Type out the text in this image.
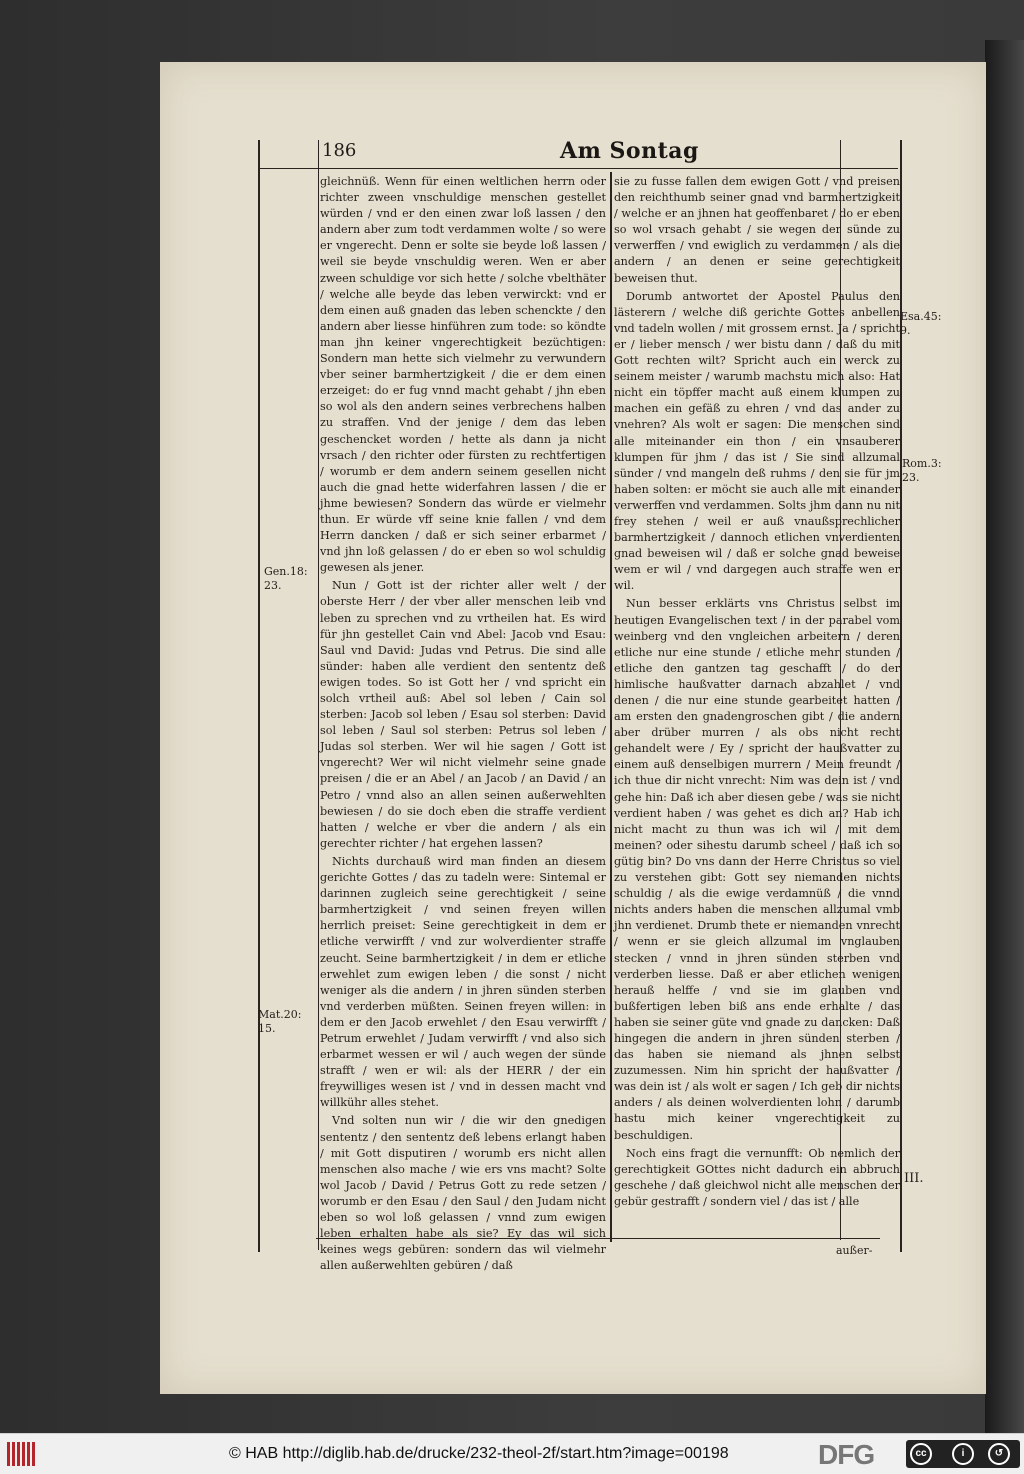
186	Am Sontag

gleichnüß. Wenn für einen weltlichen herrn oder richter zween vnschuldige menschen gestellet würden / vnd er den einen zwar loß lassen / den andern aber zum todt verdammen wolte / so were er vngerecht. Denn er solte sie beyde loß lassen / weil sie beyde vnschuldig weren. Wen er aber zween schuldige vor sich hette / solche vbelthäter / welche alle beyde das leben verwirckt: vnd er dem einen auß gnaden das leben schenckte / den andern aber liesse hinführen zum tode: so köndte man jhn keiner vngerechtigkeit bezüchtigen: Sondern man hette sich vielmehr zu verwundern vber seiner barmhertzigkeit / die er dem einen erzeiget: do er fug vnnd macht gehabt / jhn eben so wol als den andern seines verbrechens halben zu straffen. Vnd der jenige / dem das leben geschencket worden / hette als dann ja nicht vrsach / den richter oder fürsten zu rechtfertigen / worumb er dem andern seinem gesellen nicht auch die gnad hette widerfahren lassen / die er jhme bewiesen? Sondern das würde er vielmehr thun. Er würde vff seine knie fallen / vnd dem Herrn dancken / daß er sich seiner erbarmet / vnd jhn loß gelassen / do er eben so wol schuldig gewesen als jener.

Nun / Gott ist der richter aller welt / der oberste Herr / der vber aller menschen leib vnd leben zu sprechen vnd zu vrtheilen hat. Es wird für jhn gestellet Cain vnd Abel: Jacob vnd Esau: Saul vnd David: Judas vnd Petrus. Die sind alle sünder: haben alle verdient den sententz deß ewigen todes. So ist Gott her / vnd spricht ein solch vrtheil auß: Abel sol leben / Cain sol sterben: Jacob sol leben / Esau sol sterben: David sol leben / Saul sol sterben: Petrus sol leben / Judas sol sterben. Wer wil hie sagen / Gott ist vngerecht? Wer wil nicht vielmehr seine gnade preisen / die er an Abel / an Jacob / an David / an Petro / vnnd also an allen seinen außerwehlten bewiesen / do sie doch eben die straffe verdient hatten / welche er vber die andern / als ein gerechter richter / hat ergehen lassen?

Nichts durchauß wird man finden an diesem gerichte Gottes / das zu tadeln were: Sintemal er darinnen zugleich seine gerechtigkeit / seine barmhertzigkeit / vnd seinen freyen willen herrlich preiset: Seine gerechtigkeit in dem er etliche verwirfft / vnd zur wolverdienter straffe zeucht. Seine barmhertzigkeit / in dem er etliche erwehlet zum ewigen leben / die sonst / nicht weniger als die andern / in jhren sünden sterben vnd verderben müßten. Seinen freyen willen: in dem er den Jacob erwehlet / den Esau verwirfft / Petrum erwehlet / Judam verwirfft / vnd also sich erbarmet wessen er wil / auch wegen der sünde strafft / wen er wil: als der HERR / der ein freywilliges wesen ist / vnd in dessen macht vnd willkühr alles stehet.

Vnd solten nun wir / die wir den gnedigen sententz / den sententz deß lebens erlangt haben / mit Gott disputiren / worumb ers nicht allen menschen also mache / wie ers vns macht? Solte wol Jacob / David / Petrus Gott zu rede setzen / worumb er den Esau / den Saul / den Judam nicht eben so wol loß gelassen / vnnd zum ewigen leben erhalten habe als sie? Ey das wil sich keines wegs gebüren: sondern das wil vielmehr allen außerwehlten gebüren / daß

sie zu fusse fallen dem ewigen Gott / vnd preisen den reichthumb seiner gnad vnd barmhertzigkeit / welche er an jhnen hat geoffenbaret / do er eben so wol vrsach gehabt / sie wegen der sünde zu verwerffen / vnd ewiglich zu verdammen / als die andern / an denen er seine gerechtigkeit beweisen thut.

Dorumb antwortet der Apostel Paulus den lästerern / welche diß gerichte Gottes anbellen vnd tadeln wollen / mit grossem ernst. Ja / spricht er / lieber mensch / wer bistu dann / daß du mit Gott rechten wilt? Spricht auch ein werck zu seinem meister / warumb machstu mich also: Hat nicht ein töpffer macht auß einem klumpen zu machen ein gefäß zu ehren / vnd das ander zu vnehren? Als wolt er sagen: Die menschen sind alle miteinander ein thon / ein vnsauberer klumpen für jhm / das ist / Sie sind allzumal sünder / vnd mangeln deß ruhms / den sie für jm haben solten: er möcht sie auch alle mit einander verwerffen vnd verdammen. Solts jhm dann nu nit frey stehen / weil er auß vnaußsprechlicher barmhertzigkeit / dannoch etlichen vnverdienten gnad beweisen wil / daß er solche gnad beweise wem er wil / vnd dargegen auch straffe wen er wil.

Nun besser erklärts vns Christus selbst im heutigen Evangelischen text / in der parabel vom weinberg vnd den vngleichen arbeitern / deren etliche nur eine stunde / etliche mehr stunden / etliche den gantzen tag geschafft / do der himlische haußvatter darnach abzahlet / vnd denen / die nur eine stunde gearbeitet hatten / am ersten den gnadengroschen gibt / die andern aber drüber murren / als obs nicht recht gehandelt were / Ey / spricht der haußvatter zu einem auß denselbigen murrern / Mein freundt / ich thue dir nicht vnrecht: Nim was dein ist / vnd gehe hin: Daß ich aber diesen gebe / was sie nicht verdient haben / was gehet es dich an? Hab ich nicht macht zu thun was ich wil / mit dem meinen? oder sihestu darumb scheel / daß ich so gütig bin? Do vns dann der Herre Christus so viel zu verstehen gibt: Gott sey niemanden nichts schuldig / als die ewige verdamnüß / die vnnd nichts anders haben die menschen allzumal vmb jhn verdienet. Drumb thete er niemanden vnrecht / wenn er sie gleich allzumal im vnglauben stecken / vnnd in jhren sünden sterben vnd verderben liesse. Daß er aber etlichen wenigen herauß helffe / vnd sie im glauben vnd bußfertigen leben biß ans ende erhalte / das haben sie seiner güte vnd gnade zu dancken: Daß hingegen die andern in jhren sünden sterben / das haben sie niemand als jhnen selbst zuzumessen. Nim hin spricht der haußvatter / was dein ist / als wolt er sagen / Ich geb dir nichts anders / als deinen wolverdienten lohn / darumb hastu mich keiner vngerechtigkeit zu beschuldigen.

Noch eins fragt die vernunfft: Ob nemlich der gerechtigkeit GOttes nicht dadurch ein abbruch geschehe / daß gleichwol nicht alle menschen der gebür gestrafft / sondern viel / das ist / alle

Gen.18:
23.
Mat.20:
15.
Esa.45:
9.
Rom.3:
23.
III.
außer-
© HAB http://diglib.hab.de/drucke/232-theol-2f/start.htm?image=00198	DFG	cc	i	↺
